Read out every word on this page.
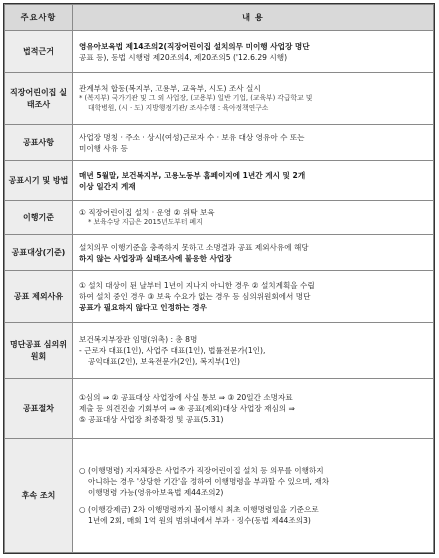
주요사항	내 용
법적근거	영유아보육법 제14조의2(직장어린이집 설치의무 미이행 사업장 명단
공표 등), 동법 시행령 제20조의4, 제20조의5 ('12.6.29 시행)

직장어린이집 실태조사	관계부처 합동(복지부, 고용부, 교육부, 시도) 조사 실시
* (복지부) 국가기관 및 그 외 사업장, (고용부) 일반 기업, (교육부) 각급학교 및
대학병원, (시 · 도) 지방행정기관/ 조사수행 : 육아정책연구소

공표사항	사업장 명칭 · 주소 · 상시(여성)근로자 수 · 보유 대상 영유아 수 또는
미이행 사유 등

공표시기 및 방법	매년 5월말, 보건복지부, 고용노동부 홈페이지에 1년간 게시 및 2개
이상 일간지 게재

이행기준	① 직장어린이집 설치 · 운영 ② 위탁 보육
* 보육수당 지급은 2015년도부터 폐지

공표대상(기준)	설치의무 이행기준을 충족하지 못하고 소명결과 공표 제외사유에 해당
하지 않는 사업장과 실태조사에 불응한 사업장

공표 제외사유	① 설치 대상이 된 날부터 1년이 지나지 아니한 경우 ② 설치계획을 수립
하여 설치 중인 경우 ③ 보육 수요가 없는 경우 등 심의위원회에서 명단
공표가 필요하지 않다고 인정하는 경우

명단공표 심의위원회	보건복지부장관 임명(위촉) : 총 8명
- 근로자 대표(1인), 사업주 대표(1인), 법률전문가(1인),
공익대표(2인), 보육전문가(2인), 복지부(1인)

공표절차	①심의 ⇒ ② 공표대상 사업장에 사실 통보 ⇒ ③ 20일간 소명자료
제출 등 의견진술 기회부여 ⇒ ④ 공표(제외)대상 사업장 재심의 ⇒
⑤ 공표대상 사업장 최종확정 및 공표(5.31)

후속 조치	○ (이행명령) 지자체장은 사업주가 직장어린이집 설치 등 의무를 이행하지
아니하는 경우 '상당한 기간'을 정하여 이행명령을 부과할 수 있으며, 재차
이행명령 가능(영유아보육법 제44조의2)
○ (이행강제금) 2차 이행명령까지 불이행시 최초 이행명령일을 기준으로
1년에 2회, 매회 1억 원의 범위내에서 부과 · 징수(동법 제44조의3)
